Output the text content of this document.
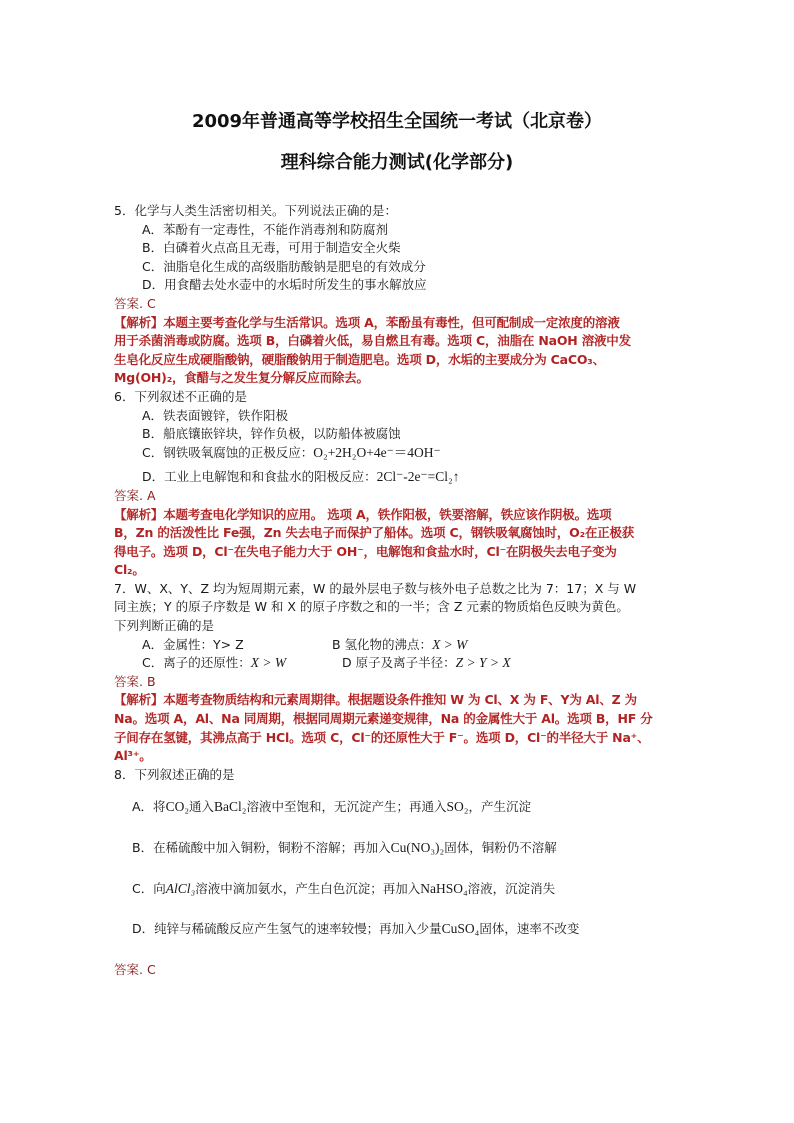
2009年普通高等学校招生全国统一考试（北京卷）
理科综合能力测试(化学部分)
5．化学与人类生活密切相关。下列说法正确的是：
A．苯酚有一定毒性，不能作消毒剂和防腐剂
B．白磷着火点高且无毒，可用于制造安全火柴
C．油脂皂化生成的高级脂肪酸钠是肥皂的有效成分
D．用食醋去处水壶中的水垢时所发生的事水解放应
答案. C
【解析】本题主要考查化学与生活常识。选项 A，苯酚虽有毒性，但可配制成一定浓度的溶液
用于杀菌消毒或防腐。选项 B，白磷着火低，易自燃且有毒。选项 C，油脂在 NaOH 溶液中发
生皂化反应生成硬脂酸钠，硬脂酸钠用于制造肥皂。选项 D，水垢的主要成分为 CaCO₃、
Mg(OH)₂，食醋与之发生复分解反应而除去。
6．下列叙述不正确的是
A．铁表面镀锌，铁作阳极
B．船底镶嵌锌块，锌作负极，以防船体被腐蚀
C．钢铁吸氧腐蚀的正极反应：O₂+2H₂O+4e⁻＝4OH⁻
D．工业上电解饱和和食盐水的阳极反应：2Cl⁻-2e⁻=Cl₂↑
答案. A
【解析】本题考查电化学知识的应用。 选项 A，铁作阳极，铁要溶解，铁应该作阴极。选项
B，Zn 的活泼性比 Fe强，Zn 失去电子而保护了船体。选项 C，钢铁吸氧腐蚀时，O₂在正极获
得电子。选项 D，Cl⁻在失电子能力大于 OH⁻，电解饱和食盐水时，Cl⁻在阴极失去电子变为
Cl₂。
7．W、X、Y、Z 均为短周期元素，W 的最外层电子数与核外电子总数之比为 7：17；X 与 W
同主族；Y 的原子序数是 W 和 X 的原子序数之和的一半；含 Z 元素的物质焰色反映为黄色。
下列判断正确的是
A．金属性：Y> Z	B 氢化物的沸点：X > W
C．离子的还原性：X > W	D 原子及离子半径：Z > Y > X
答案. B
【解析】本题考查物质结构和元素周期律。根据题设条件推知 W 为 Cl、X 为 F、Y为 Al、Z 为
Na。选项 A，Al、Na 同周期，根据同周期元素递变规律，Na 的金属性大于 Al。选项 B，HF 分
子间存在氢键，其沸点高于 HCl。选项 C，Cl⁻的还原性大于 F⁻。选项 D，Cl⁻的半径大于 Na⁺、
Al³⁺。
8．下列叙述正确的是
A．将CO₂通入BaCl₂溶液中至饱和，无沉淀产生；再通入SO₂，产生沉淀
B．在稀硫酸中加入铜粉，铜粉不溶解；再加入Cu(NO₃)₂固体，铜粉仍不溶解
C．向AlCl₃溶液中滴加氨水，产生白色沉淀；再加入NaHSO₄溶液，沉淀消失
D．纯锌与稀硫酸反应产生氢气的速率较慢；再加入少量CuSO₄固体，速率不改变
答案. C
